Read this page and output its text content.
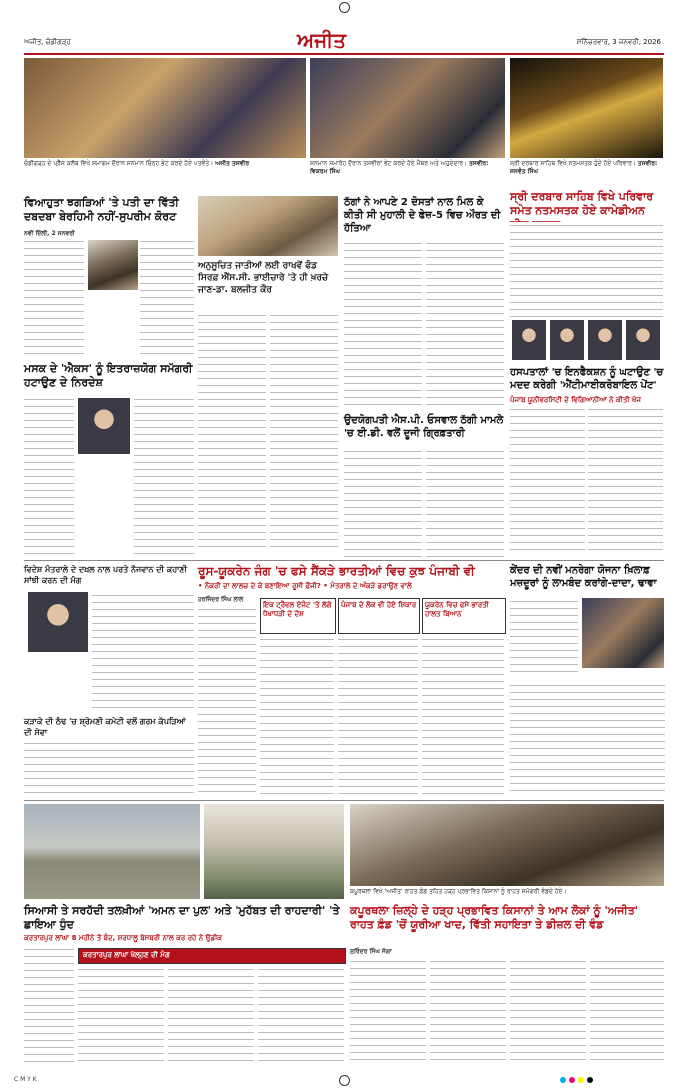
ਅਜੀਤ, ਚੰਡੀਗੜ੍ਹ	ਅਜੀਤ	ਸ਼ਨਿੱਚਰਵਾਰ, 3 ਜਨਵਰੀ, 2026
ਚੰਡੀਗੜ੍ਹ ਦੇ ਪ੍ਰੈੱਸ ਕਲੱਬ ਵਿਖੇ ਸਮਾਗਮ ਦੌਰਾਨ ਸਨਮਾਨ ਚਿੰਨ੍ਹ ਭੇਟ ਕਰਦੇ ਹੋਏ ਪਤਵੰਤੇ। ਅਜੀਤ ਤਸਵੀਰ	ਸਨਮਾਨ ਸਮਾਰੋਹ ਦੌਰਾਨ ਤਸਵੀਰਾਂ ਭੇਟ ਕਰਦੇ ਹੋਏ ਮੈਂਬਰ ਅਤੇ ਅਹੁਦੇਦਾਰ। ਤਸਵੀਰ: ਵਿਕਰਮ ਸਿੰਘ
ਸ੍ਰੀ ਦਰਬਾਰ ਸਾਹਿਬ ਵਿਖੇ ਨਤਮਸਤਕ ਹੁੰਦੇ ਹੋਏ ਪਰਿਵਾਰ। ਤਸਵੀਰ: ਜਸਵੰਤ ਸਿੰਘ
ਸ੍ਰੀ ਦਰਬਾਰ ਸਾਹਿਬ ਵਿਖੇ ਪਰਿਵਾਰ ਸਮੇਤ ਨਤਮਸਤਕ ਹੋਏ ਕਾਮੇਡੀਅਨ
ਵਿਆਹੁਤਾ ਝਗੜਿਆਂ 'ਤੇ ਪਤੀ ਦਾ ਵਿੱਤੀ ਦਬਦਬਾ ਬੇਰਹਿਮੀ ਨਹੀਂ-ਸੁਪਰੀਮ ਕੋਰਟ
ਨਵੀਂ ਦਿੱਲੀ, 2 ਜਨਵਰੀ
ਮਸਕ ਦੇ 'ਐਕਸ' ਨੂੰ ਇਤਰਾਜ਼ਯੋਗ ਸਮੱਗਰੀ ਹਟਾਉਣ ਦੇ ਨਿਰਦੇਸ਼
ਅਨੁਸੂਚਿਤ ਜਾਤੀਆਂ ਲਈ ਰਾਖਵੇਂ ਫੰਡ ਸਿਰਫ਼ ਐੱਸ.ਸੀ. ਭਾਈਚਾਰੇ 'ਤੇ ਹੀ ਖ਼ਰਚੇ ਜਾਣ-ਡਾ. ਬਲਜੀਤ ਕੌਰ
ਠੱਗਾਂ ਨੇ ਆਪਣੇ 2 ਦੋਸਤਾਂ ਨਾਲ ਮਿਲ ਕੇ ਕੀਤੀ ਸੀ ਮੁਹਾਲੀ ਦੇ ਫੇਜ਼-5 ਵਿਚ ਔਰਤ ਦੀ ਹੱਤਿਆ
ਉਦਯੋਗਪਤੀ ਐਸ.ਪੀ. ਓਸਵਾਲ ਠੱਗੀ ਮਾਮਲੇ 'ਚ ਈ.ਡੀ. ਵਲੋਂ ਦੂਜੀ ਗ੍ਰਿਫ਼ਤਾਰੀ
ਹਸਪਤਾਲਾਂ 'ਚ ਇਨਫੈਕਸ਼ਨ ਨੂੰ ਘਟਾਉਣ 'ਚ ਮਦਦ ਕਰੇਗੀ 'ਐਂਟੀਮਾਈਕਰੋਬਾਇਲ ਪੇਂਟ'
ਪੰਜਾਬ ਯੂਨੀਵਰਸਿਟੀ ਦੇ ਵਿਗਿਆਨੀਆਂ ਨੇ ਕੀਤੀ ਖੋਜ
ਵਿਦੇਸ਼ ਮੰਤਰਾਲੇ ਦੇ ਦਖ਼ਲ ਨਾਲ ਪਰਤੇ ਨੌਜਵਾਨ ਦੀ ਕਹਾਣੀ ਸਾਂਝੀ ਕਰਨ ਦੀ ਮੰਗ
ਕੜਾਕੇ ਦੀ ਠੰਢ 'ਚ ਸ਼੍ਰੋਮਣੀ ਕਮੇਟੀ ਵਲੋਂ ਗਰਮ ਕੱਪੜਿਆਂ ਦੀ ਸੇਵਾ
ਰੂਸ-ਯੂਕਰੇਨ ਜੰਗ 'ਚ ਫਸੇ ਸੈਂਕੜੇ ਭਾਰਤੀਆਂ ਵਿਚ ਕੁਝ ਪੰਜਾਬੀ ਵੀ
• ਨੌਕਰੀ ਦਾ ਲਾਲਚ ਦੇ ਕੇ ਬਣਾਇਆ ਰੂਸੀ ਫ਼ੌਜੀ? • ਮੰਤਰਾਲੇ ਦੇ ਅੰਕੜੇ ਡਰਾਉਣ ਵਾਲੇ
ਹਰਜਿੰਦਰ ਸਿੰਘ ਲਾਲ
ਇਕ ਟ੍ਰੈਵਲ ਏਜੰਟ 'ਤੇ ਲੱਗੇ ਧੋਖਾਧੜੀ ਦੇ ਦੋਸ਼
ਪੰਜਾਬ ਦੇ ਲੋਕ ਵੀ ਹੋਏ ਸ਼ਿਕਾਰ	ਯੂਕਰੇਨ ਵਿਚ ਫਸੇ ਭਾਰਤੀ ਹਾਲਤ ਬਿਆਨ
ਕੇਂਦਰ ਦੀ ਨਵੀਂ ਮਨਰੇਗਾ ਯੋਜਨਾ ਖ਼ਿਲਾਫ਼ ਮਜ਼ਦੂਰਾਂ ਨੂੰ ਲਾਮਬੰਦ ਕਰਾਂਗੇ-ਦਾਦਾ, ਢਾਵਾ
ਕਪੂਰਥਲਾ ਵਿਖੇ 'ਅਜੀਤ' ਰਾਹਤ ਫ਼ੰਡ ਤਹਿਤ ਹੜ੍ਹ ਪ੍ਰਭਾਵਿਤ ਕਿਸਾਨਾਂ ਨੂੰ ਰਾਹਤ ਸਮੱਗਰੀ ਵੰਡਦੇ ਹੋਏ।
ਸਿਆਸੀ ਤੇ ਸਰਹੱਦੀ ਤਲਖ਼ੀਆਂ 'ਅਮਨ ਦਾ ਪੁਲ' ਅਤੇ 'ਮੁਹੱਬਤ ਦੀ ਰਾਹਦਾਰੀ' 'ਤੇ ਛਾਇਆ ਧੁੰਦ
ਕਰਤਾਰਪੁਰ ਲਾਂਘਾ 8 ਮਹੀਨੇ ਤੋਂ ਬੰਦ, ਸ਼ਰਧਾਲੂ ਬੇਸਬਰੀ ਨਾਲ ਕਰ ਰਹੇ ਨੇ ਉਡੀਕ
ਕਰਤਾਰਪੁਰ ਲਾਂਘਾ ਖੋਲ੍ਹਣ ਦੀ ਮੰਗ
ਕਪੂਰਥਲਾ ਜ਼ਿਲ੍ਹੇ ਦੇ ਹੜ੍ਹ ਪ੍ਰਭਾਵਿਤ ਕਿਸਾਨਾਂ ਤੇ ਆਮ ਲੋਕਾਂ ਨੂੰ 'ਅਜੀਤ' ਰਾਹਤ ਫ਼ੰਡ 'ਚੋਂ ਯੂਰੀਆ ਖਾਦ, ਵਿੱਤੀ ਸਹਾਇਤਾ ਤੇ ਡੀਜ਼ਲ ਦੀ ਵੰਡ
ਸੁਰਿੰਦਰ ਸਿੰਘ ਜੱਗਾ
C M Y K
